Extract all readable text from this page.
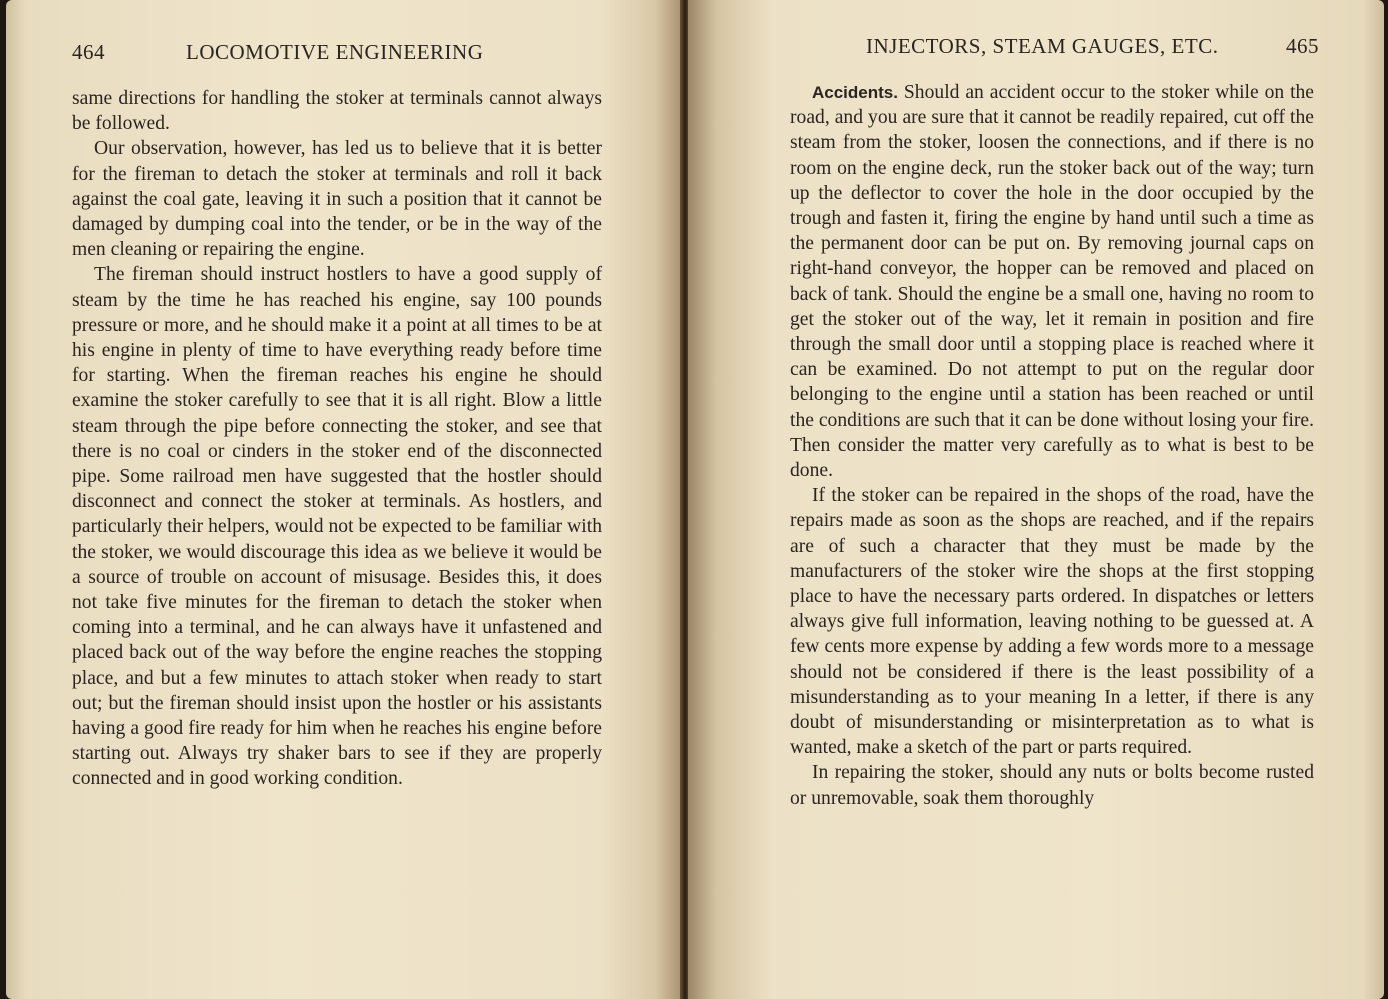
464	LOCOMOTIVE ENGINEERING

same directions for handling the stoker at terminals cannot always be followed.

Our observation, however, has led us to believe that it is better for the fireman to detach the stoker at terminals and roll it back against the coal gate, leaving it in such a position that it cannot be damaged by dumping coal into the tender, or be in the way of the men cleaning or repairing the engine.

The fireman should instruct hostlers to have a good supply of steam by the time he has reached his engine, say 100 pounds pressure or more, and he should make it a point at all times to be at his engine in plenty of time to have everything ready before time for starting. When the fireman reaches his engine he should examine the stoker carefully to see that it is all right. Blow a little steam through the pipe before connecting the stoker, and see that there is no coal or cinders in the stoker end of the disconnected pipe. Some railroad men have suggested that the hostler should disconnect and connect the stoker at terminals. As hostlers, and particularly their helpers, would not be expected to be familiar with the stoker, we would discourage this idea as we believe it would be a source of trouble on account of misusage. Besides this, it does not take five minutes for the fireman to detach the stoker when coming into a terminal, and he can always have it unfastened and placed back out of the way before the engine reaches the stopping place, and but a few minutes to attach stoker when ready to start out; but the fireman should insist upon the hostler or his assistants having a good fire ready for him when he reaches his engine before starting out. Always try shaker bars to see if they are properly connected and in good working condition.

INJECTORS, STEAM GAUGES, ETC.	465

Accidents. Should an accident occur to the stoker while on the road, and you are sure that it cannot be readily repaired, cut off the steam from the stoker, loosen the connections, and if there is no room on the engine deck, run the stoker back out of the way; turn up the deflector to cover the hole in the door occupied by the trough and fasten it, firing the engine by hand until such a time as the permanent door can be put on. By removing journal caps on right-hand conveyor, the hopper can be removed and placed on back of tank. Should the engine be a small one, having no room to get the stoker out of the way, let it remain in position and fire through the small door until a stopping place is reached where it can be examined. Do not attempt to put on the regular door belonging to the engine until a station has been reached or until the conditions are such that it can be done without losing your fire. Then consider the matter very carefully as to what is best to be done.

If the stoker can be repaired in the shops of the road, have the repairs made as soon as the shops are reached, and if the repairs are of such a character that they must be made by the manufacturers of the stoker wire the shops at the first stopping place to have the necessary parts ordered. In dispatches or letters always give full information, leaving nothing to be guessed at. A few cents more expense by adding a few words more to a message should not be considered if there is the least possibility of a misunderstanding as to your meaning In a letter, if there is any doubt of misunderstanding or misinterpretation as to what is wanted, make a sketch of the part or parts required.

In repairing the stoker, should any nuts or bolts become rusted or unremovable, soak them thoroughly
